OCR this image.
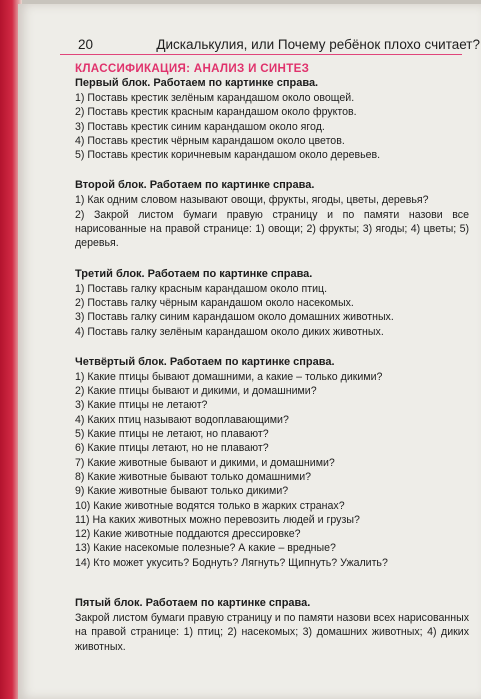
20	Дискалькулия, или Почему ребёнок плохо считает?
КЛАССИФИКАЦИЯ: АНАЛИЗ И СИНТЕЗ
Первый блок. Работаем по картинке справа.
1) Поставь крестик зелёным карандашом около овощей.
2) Поставь крестик красным карандашом около фруктов.
3) Поставь крестик синим карандашом около ягод.
4) Поставь крестик чёрным карандашом около цветов.
5) Поставь крестик коричневым карандашом около деревьев.
Второй блок. Работаем по картинке справа.
1) Как одним словом называют овощи, фрукты, ягоды, цветы, деревья?
2) Закрой листом бумаги правую страницу и по памяти назови все нарисованные на правой странице: 1) овощи; 2) фрукты; 3) ягоды; 4) цветы; 5) деревья.
Третий блок. Работаем по картинке справа.
1) Поставь галку красным карандашом около птиц.
2) Поставь галку чёрным карандашом около насекомых.
3) Поставь галку синим карандашом около домашних животных.
4) Поставь галку зелёным карандашом около диких животных.
Четвёртый блок. Работаем по картинке справа.
1) Какие птицы бывают домашними, а какие – только дикими?
2) Какие птицы бывают и дикими, и домашними?
3) Какие птицы не летают?
4) Каких птиц называют водоплавающими?
5) Какие птицы не летают, но плавают?
6) Какие птицы летают, но не плавают?
7) Какие животные бывают и дикими, и домашними?
8) Какие животные бывают только домашними?
9) Какие животные бывают только дикими?
10) Какие животные водятся только в жарких странах?
11) На каких животных можно перевозить людей и грузы?
12) Какие животные поддаются дрессировке?
13) Какие насекомые полезные? А какие – вредные?
14) Кто может укусить? Боднуть? Лягнуть? Щипнуть? Ужалить?
Пятый блок. Работаем по картинке справа.
Закрой листом бумаги правую страницу и по памяти назови всех нарисованных на правой странице: 1) птиц; 2) насекомых; 3) домашних животных; 4) диких животных.
